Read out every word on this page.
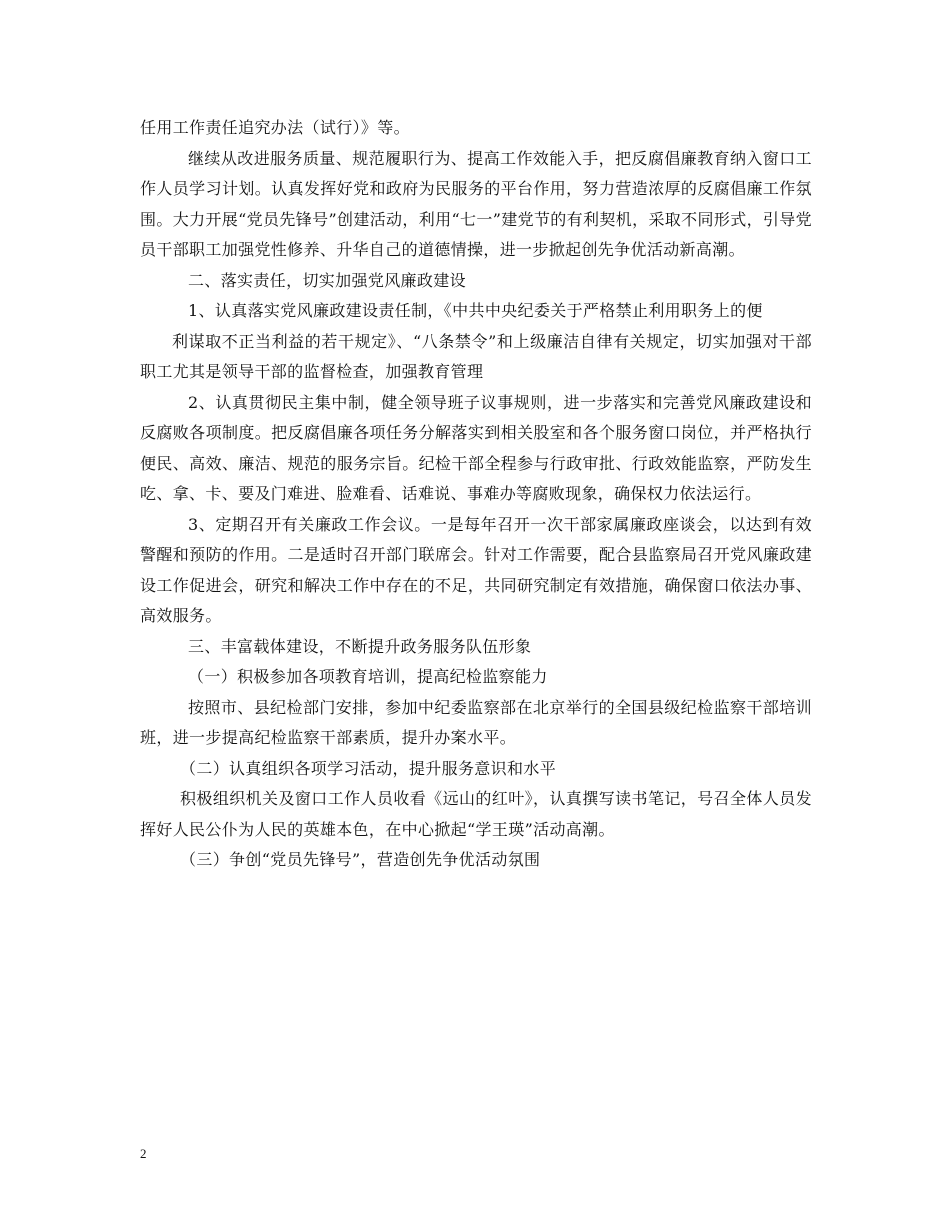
任用工作责任追究办法（试行）》等。

继续从改进服务质量、规范履职行为、提高工作效能入手，把反腐倡廉教育纳入窗口工作人员学习计划。认真发挥好党和政府为民服务的平台作用，努力营造浓厚的反腐倡廉工作氛围。大力开展“党员先锋号”创建活动，利用“七一”建党节的有利契机，采取不同形式，引导党员干部职工加强党性修养、升华自己的道德情操，进一步掀起创先争优活动新高潮。

二、落实责任，切实加强党风廉政建设

1、认真落实党风廉政建设责任制，《中共中央纪委关于严格禁止利用职务上的便

利谋取不正当利益的若干规定》、“八条禁令”和上级廉洁自律有关规定，切实加强对干部职工尤其是领导干部的监督检查，加强教育管理

2、认真贯彻民主集中制，健全领导班子议事规则，进一步落实和完善党风廉政建设和反腐败各项制度。把反腐倡廉各项任务分解落实到相关股室和各个服务窗口岗位，并严格执行便民、高效、廉洁、规范的服务宗旨。纪检干部全程参与行政审批、行政效能监察，严防发生吃、拿、卡、要及门难进、脸难看、话难说、事难办等腐败现象，确保权力依法运行。

3、定期召开有关廉政工作会议。一是每年召开一次干部家属廉政座谈会，以达到有效警醒和预防的作用。二是适时召开部门联席会。针对工作需要，配合县监察局召开党风廉政建设工作促进会，研究和解决工作中存在的不足，共同研究制定有效措施，确保窗口依法办事、高效服务。

三、丰富载体建设，不断提升政务服务队伍形象

（一）积极参加各项教育培训，提高纪检监察能力

按照市、县纪检部门安排，参加中纪委监察部在北京举行的全国县级纪检监察干部培训班，进一步提高纪检监察干部素质，提升办案水平。

（二）认真组织各项学习活动，提升服务意识和水平

积极组织机关及窗口工作人员收看《远山的红叶》，认真撰写读书笔记，号召全体人员发挥好人民公仆为人民的英雄本色，在中心掀起“学王瑛”活动高潮。

（三）争创“党员先锋号”，营造创先争优活动氛围

2
